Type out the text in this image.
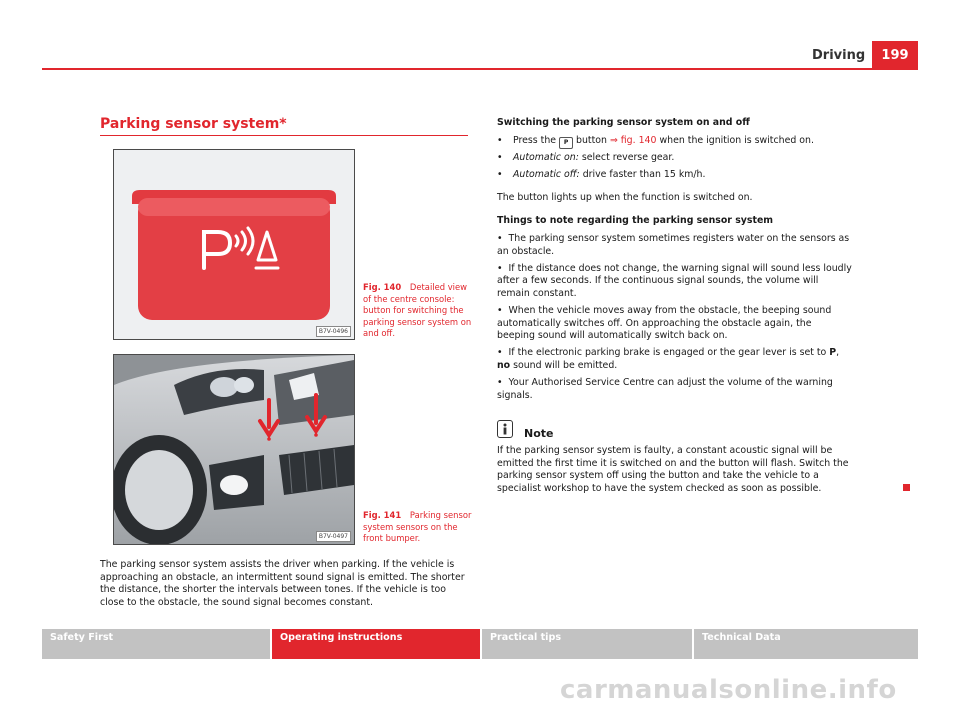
Driving	199
Parking sensor system*
B7V-0496
Fig. 140 Detailed view of the centre console: button for switching the parking sensor system on and off.
B7V-0497
Fig. 141 Parking sensor system sensors on the front bumper.
The parking sensor system assists the driver when parking. If the vehicle is approaching an obstacle, an intermittent sound signal is emitted. The shorter the distance, the shorter the intervals between tones. If the vehicle is too close to the obstacle, the sound signal becomes constant.
Switching the parking sensor system on and off
•	Press the P button ⇒ fig. 140 when the ignition is switched on.
•	Automatic on: select reverse gear.
•	Automatic off: drive faster than 15 km/h.
The button lights up when the function is switched on.
Things to note regarding the parking sensor system
• The parking sensor system sometimes registers water on the sensors as an obstacle.
• If the distance does not change, the warning signal will sound less loudly after a few seconds. If the continuous signal sounds, the volume will remain constant.
• When the vehicle moves away from the obstacle, the beeping sound automatically switches off. On approaching the obstacle again, the beeping sound will automatically switch back on.
• If the electronic parking brake is engaged or the gear lever is set to P, no sound will be emitted.
• Your Authorised Service Centre can adjust the volume of the warning signals.
Note
If the parking sensor system is faulty, a constant acoustic signal will be emitted the first time it is switched on and the button will flash. Switch the parking sensor system off using the button and take the vehicle to a specialist workshop to have the system checked as soon as possible.
Safety First	Operating instructions	Practical tips	Technical Data
carmanualsonline.info
